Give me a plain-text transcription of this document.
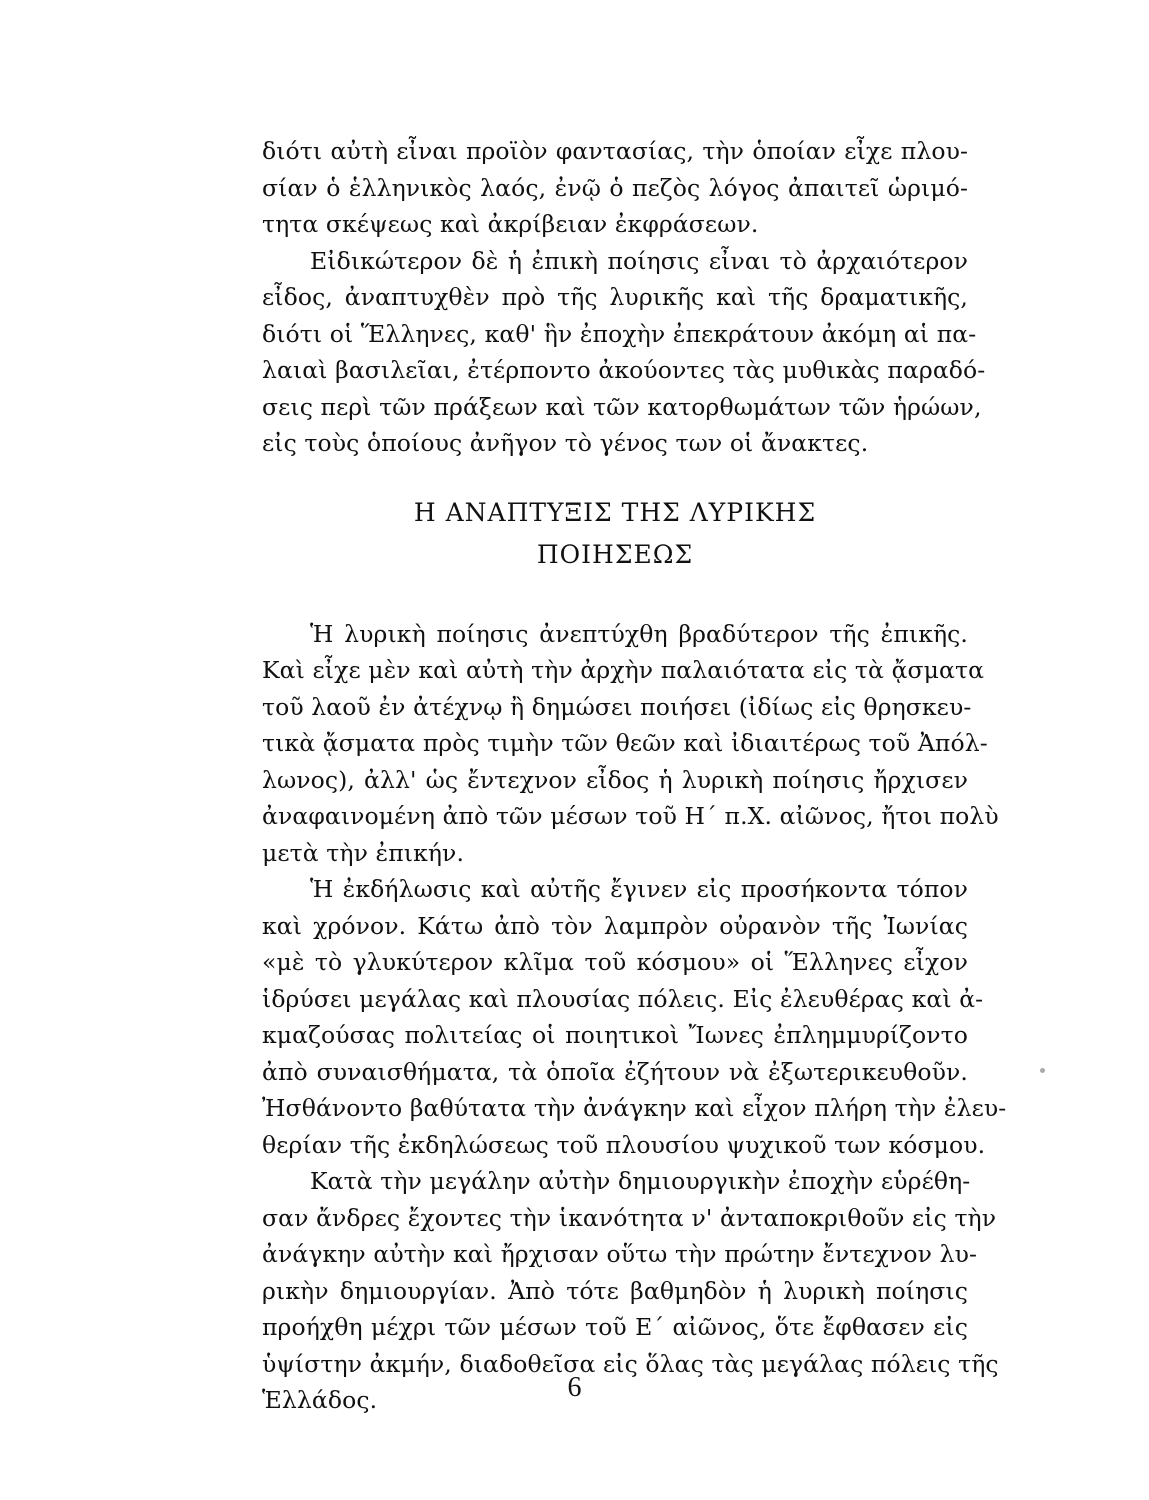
διότι αὐτὴ εἶναι προϊὸν φαντασίας, τὴν ὁποίαν εἶχε πλου-
σίαν ὁ ἑλληνικὸς λαός, ἐνῷ ὁ πεζὸς λόγος ἀπαιτεῖ ὡριμό-
τητα σκέψεως καὶ ἀκρίβειαν ἐκφράσεων.
Εἰδικώτερον δὲ ἡ ἐπικὴ ποίησις εἶναι τὸ ἀρχαιότερον
εἶδος, ἀναπτυχθὲν πρὸ τῆς λυρικῆς καὶ τῆς δραματικῆς,
διότι οἱ Ἕλληνες, καθ' ἣν ἐποχὴν ἐπεκράτουν ἀκόμη αἱ πα-
λαιαὶ βασιλεῖαι, ἐτέρποντο ἀκούοντες τὰς μυθικὰς παραδό-
σεις περὶ τῶν πράξεων καὶ τῶν κατορθωμάτων τῶν ἡρώων,
εἰς τοὺς ὁποίους ἀνῆγον τὸ γένος των οἱ ἄνακτες.
Η ΑΝΑΠΤΥΞΙΣ ΤΗΣ ΛΥΡΙΚΗΣ
ΠΟΙΗΣΕΩΣ
Ἡ λυρικὴ ποίησις ἀνεπτύχθη βραδύτερον τῆς ἐπικῆς.
Καὶ εἶχε μὲν καὶ αὐτὴ τὴν ἀρχὴν παλαιότατα εἰς τὰ ᾄσματα
τοῦ λαοῦ ἐν ἀτέχνῳ ἢ δημώσει ποιήσει (ἰδίως εἰς θρησκευ-
τικὰ ᾄσματα πρὸς τιμὴν τῶν θεῶν καὶ ἰδιαιτέρως τοῦ Ἀπόλ-
λωνος), ἀλλ' ὡς ἔντεχνον εἶδος ἡ λυρικὴ ποίησις ἤρχισεν
ἀναφαινομένη ἀπὸ τῶν μέσων τοῦ Η΄ π.Χ. αἰῶνος, ἤτοι πολὺ
μετὰ τὴν ἐπικήν.
Ἡ ἐκδήλωσις καὶ αὐτῆς ἔγινεν εἰς προσήκοντα τόπον
καὶ χρόνον. Κάτω ἀπὸ τὸν λαμπρὸν οὐρανὸν τῆς Ἰωνίας
«μὲ τὸ γλυκύτερον κλῖμα τοῦ κόσμου» οἱ Ἕλληνες εἶχον
ἱδρύσει μεγάλας καὶ πλουσίας πόλεις. Εἰς ἐλευθέρας καὶ ἀ-
κμαζούσας πολιτείας οἱ ποιητικοὶ Ἴωνες ἐπλημμυρίζοντο
ἀπὸ συναισθήματα, τὰ ὁποῖα ἐζήτουν νὰ ἐξωτερικευθοῦν.
Ἠσθάνοντο βαθύτατα τὴν ἀνάγκην καὶ εἶχον πλήρη τὴν ἐλευ-
θερίαν τῆς ἐκδηλώσεως τοῦ πλουσίου ψυχικοῦ των κόσμου.
Κατὰ τὴν μεγάλην αὐτὴν δημιουργικὴν ἐποχὴν εὑρέθη-
σαν ἄνδρες ἔχοντες τὴν ἱκανότητα ν' ἀνταποκριθοῦν εἰς τὴν
ἀνάγκην αὐτὴν καὶ ἤρχισαν οὕτω τὴν πρώτην ἔντεχνον λυ-
ρικὴν δημιουργίαν. Ἀπὸ τότε βαθμηδὸν ἡ λυρικὴ ποίησις
προήχθη μέχρι τῶν μέσων τοῦ Ε΄ αἰῶνος, ὅτε ἔφθασεν εἰς
ὑψίστην ἀκμήν, διαδοθεῖσα εἰς ὅλας τὰς μεγάλας πόλεις τῆς
Ἑλλάδος.	6
